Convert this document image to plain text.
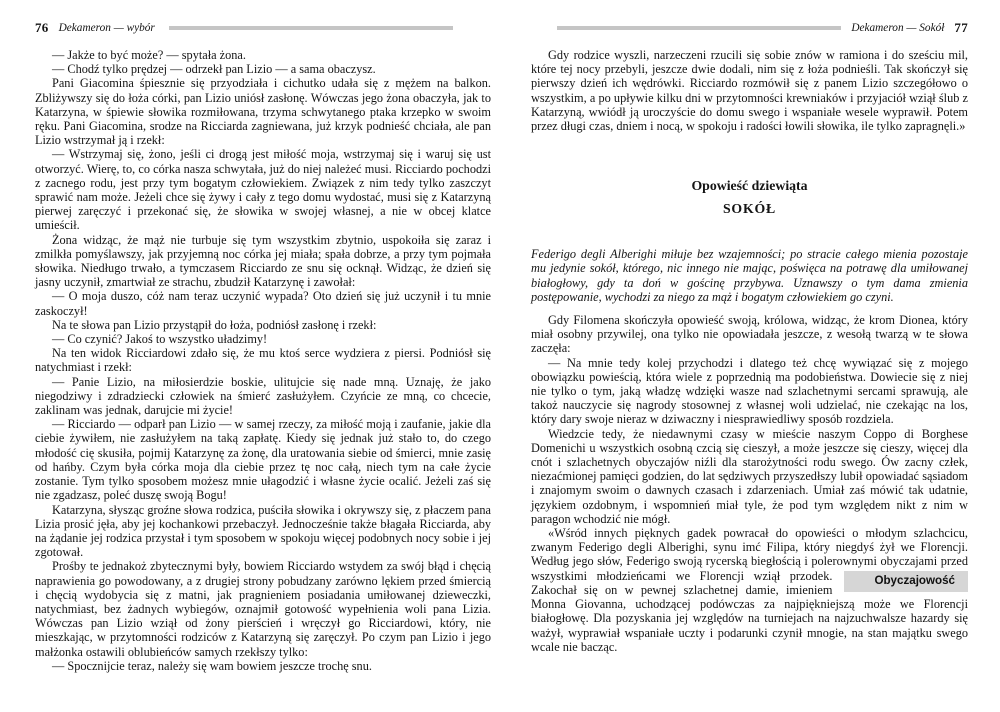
76 Dekameron — wybór

— Jakże to być może? — spytała żona.

— Chodź tylko prędzej — odrzekł pan Lizio — a sama obaczysz.

Pani Giacomina śpiesznie się przyodziała i cichutko udała się z mężem na balkon. Zbliżywszy się do łoża córki, pan Lizio uniósł zasłonę. Wówczas jego żona obaczyła, jak to Katarzyna, w śpiewie słowika rozmiłowana, trzyma schwytanego ptaka krzepko w swoim ręku. Pani Giacomina, srodze na Ricciarda zagniewana, już krzyk podnieść chciała, ale pan Lizio wstrzymał ją i rzekł:

— Wstrzymaj się, żono, jeśli ci drogą jest miłość moja, wstrzymaj się i waruj się ust otworzyć. Wierę, to, co córka nasza schwytała, już do niej należeć musi. Ricciardo pochodzi z zacnego rodu, jest przy tym bogatym człowiekiem. Związek z nim tedy tylko zaszczyt sprawić nam może. Jeżeli chce się żywy i cały z tego domu wydostać, musi się z Katarzyną pierwej zaręczyć i przekonać się, że słowika w swojej własnej, a nie w obcej klatce umieścił.

Żona widząc, że mąż nie turbuje się tym wszystkim zbytnio, uspokoiła się zaraz i zmilkła pomyślawszy, jak przyjemną noc córka jej miała; spała dobrze, a przy tym pojmała słowika. Niedługo trwało, a tymczasem Ricciardo ze snu się ocknął. Widząc, że dzień się jasny uczynił, zmartwiał ze strachu, zbudził Katarzynę i zawołał:

— O moja duszo, cóż nam teraz uczynić wypada? Oto dzień się już uczynił i tu mnie zaskoczył!

Na te słowa pan Lizio przystąpił do łoża, podniósł zasłonę i rzekł:

— Co czynić? Jakoś to wszystko uładzimy!

Na ten widok Ricciardowi zdało się, że mu ktoś serce wydziera z piersi. Podniósł się natychmiast i rzekł:

— Panie Lizio, na miłosierdzie boskie, ulitujcie się nade mną. Uznaję, że jako niegodziwy i zdradziecki człowiek na śmierć zasłużyłem. Czyńcie ze mną, co chcecie, zaklinam was jednak, darujcie mi życie!

— Ricciardo — odparł pan Lizio — w samej rzeczy, za miłość moją i zaufanie, jakie dla ciebie żywiłem, nie zasłużyłem na taką zapłatę. Kiedy się jednak już stało to, do czego młodość cię skusiła, pojmij Katarzynę za żonę, dla uratowania siebie od śmierci, mnie zasię od hańby. Czym była córka moja dla ciebie przez tę noc całą, niech tym na całe życie zostanie. Tym tylko sposobem możesz mnie ułagodzić i własne życie ocalić. Jeżeli zaś się nie zgadzasz, poleć duszę swoją Bogu!

Katarzyna, słysząc groźne słowa rodzica, puściła słowika i okrywszy się, z płaczem pana Lizia prosić jęła, aby jej kochankowi przebaczył. Jednocześnie także błagała Ricciarda, aby na żądanie jej rodzica przystał i tym sposobem w spokoju więcej podobnych nocy sobie i jej zgotował.

Prośby te jednakoż zbytecznymi były, bowiem Ricciardo wstydem za swój błąd i chęcią naprawienia go powodowany, a z drugiej strony pobudzany zarówno lękiem przed śmiercią i chęcią wydobycia się z matni, jak pragnieniem posiadania umiłowanej dzieweczki, natychmiast, bez żadnych wybiegów, oznajmił gotowość wypełnienia woli pana Lizia. Wówczas pan Lizio wziął od żony pierścień i wręczył go Ricciardowi, który, nie mieszkając, w przytomności rodziców z Katarzyną się zaręczył. Po czym pan Lizio i jego małżonka ostawili oblubieńców samych rzekłszy tylko:

— Spocznijcie teraz, należy się wam bowiem jeszcze trochę snu.

Dekameron — Sokół 77

Gdy rodzice wyszli, narzeczeni rzucili się sobie znów w ramiona i do sześciu mil, które tej nocy przebyli, jeszcze dwie dodali, nim się z łoża podnieśli. Tak skończył się pierwszy dzień ich wędrówki. Ricciardo rozmówił się z panem Lizio szczegółowo o wszystkim, a po upływie kilku dni w przytomności krewniaków i przyjaciół wziął ślub z Katarzyną, wwiódł ją uroczyście do domu swego i wspaniałe wesele wyprawił. Potem przez długi czas, dniem i nocą, w spokoju i radości łowili słowika, ile tylko zapragnęli.»

Opowieść dziewiąta
SOKÓŁ

Federigo degli Alberighi miłuje bez wzajemności; po stracie całego mienia pozostaje mu jedynie sokół, którego, nic innego nie mając, poświęca na potrawę dla umiłowanej białogłowy, gdy ta doń w gościnę przybywa. Uznawszy o tym dama zmienia postępowanie, wychodzi za niego za mąż i bogatym człowiekiem go czyni.

Gdy Filomena skończyła opowieść swoją, królowa, widząc, że krom Dionea, który miał osobny przywilej, ona tylko nie opowiadała jeszcze, z wesołą twarzą w te słowa zaczęła:

— Na mnie tedy kolej przychodzi i dlatego też chcę wywiązać się z mojego obowiązku powieścią, która wiele z poprzednią ma podobieństwa. Dowiecie się z niej nie tylko o tym, jaką władzę wdzięki wasze nad szlachetnymi sercami sprawują, ale takoż nauczycie się nagrody stosownej z własnej woli udzielać, nie czekając na los, który dary swoje nieraz w dziwaczny i niesprawiedliwy sposób rozdziela.

Wiedzcie tedy, że niedawnymi czasy w mieście naszym Coppo di Borghese Domenichi u wszystkich osobną czcią się cieszył, a może jeszcze się cieszy, więcej dla cnót i szlachetnych obyczajów niźli dla starożytności rodu swego. Ów zacny człek, niezaćmionej pamięci godzien, do lat sędziwych przyszedłszy lubił opowiadać sąsiadom i znajomym swoim o dawnych czasach i zdarzeniach. Umiał zaś mówić tak udatnie, językiem ozdobnym, i wspomnień miał tyle, że pod tym względem nikt z nim w paragon wchodzić nie mógł.

«Wśród innych pięknych gadek powracał do opowieści o młodym szlachcicu, zwanym Federigo degli Alberighi, synu imć Filipa, który niegdyś żył we Florencji. Według jego słów, Federigo swoją rycerską biegłością i polerownymi obyczajami
Obyczajowość
przed wszystkimi młodzieńcami we Florencji wziął przodek. Zakochał się on w pewnej szlachetnej damie, imieniem Monna Giovanna, uchodzącej podówczas za najpiękniejszą może we Florencji białogłowę. Dla pozyskania jej względów na turniejach na najzuchwalsze hazardy się ważył, wyprawiał wspaniałe uczty i podarunki czynił mnogie, na stan majątku swego wcale nie bacząc.
